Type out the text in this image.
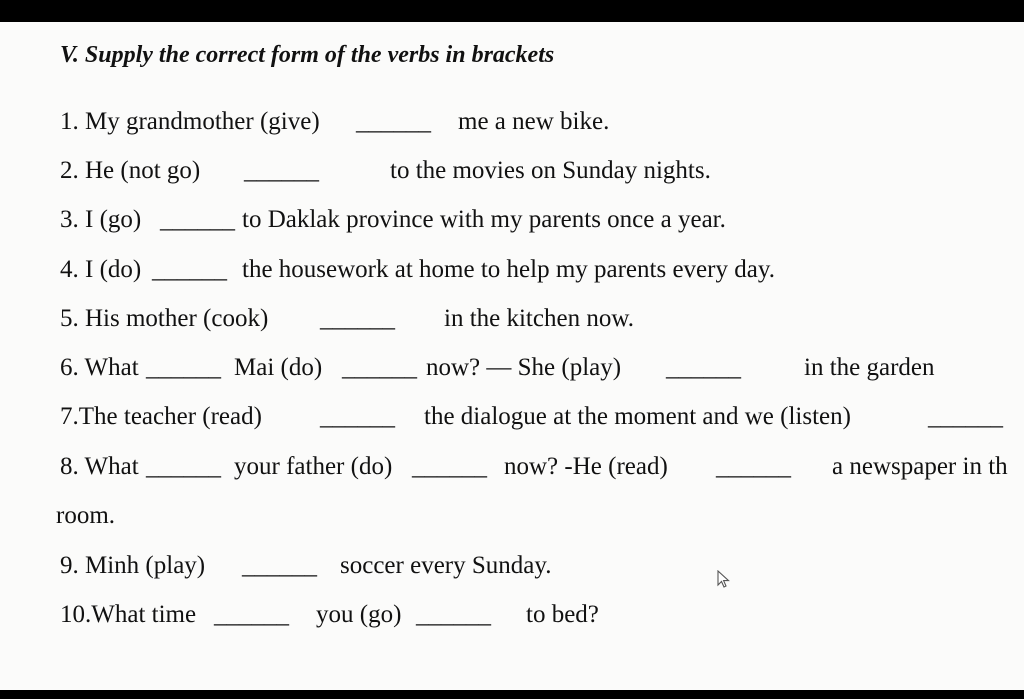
V. Supply the correct form of the verbs in brackets
1. My grandmother (give) ______ me a new bike.
2. He (not go) ______	to the movies on Sunday nights.
3. I (go) ______ to Daklak province with my parents once a year.
4. I (do) ______ the housework at home to help my parents every day.
5. His mother (cook) ______ in the kitchen now.
6. What ______ Mai (do) ______ now? — She (play) ______	in the garden
7.The teacher (read) ______ the dialogue at the moment and we (listen)	______
8. What ______ your father (do) ______ now? -He (read) ______ a newspaper in th
room.
9. Minh (play) ______ soccer every Sunday.
10.What time ______ you (go) ______ to bed?
